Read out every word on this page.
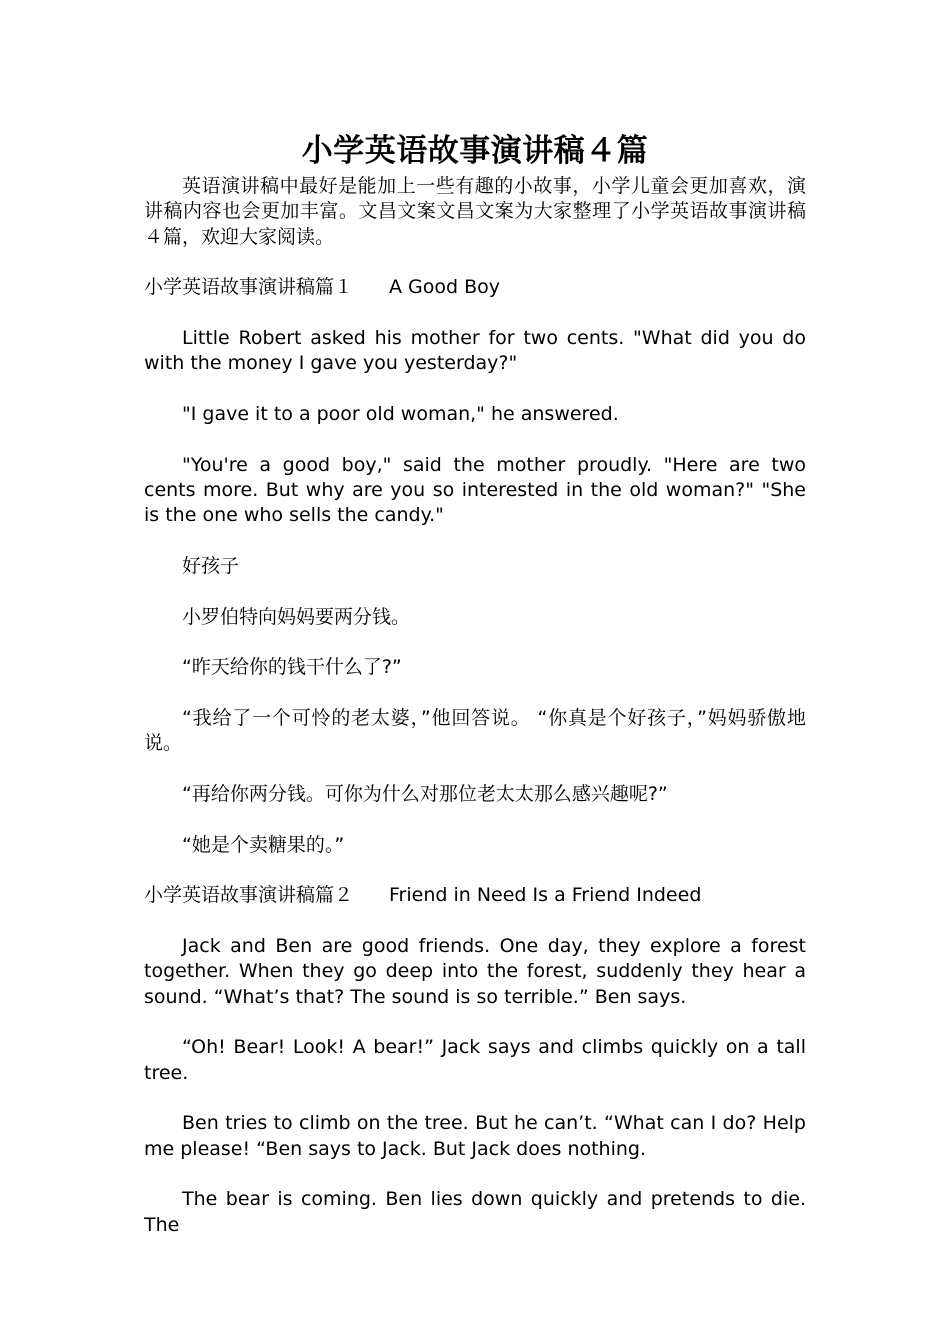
小学英语故事演讲稿４篇

英语演讲稿中最好是能加上一些有趣的小故事，小学儿童会更加喜欢，演讲稿内容也会更加丰富。文昌文案文昌文案为大家整理了小学英语故事演讲稿４篇，欢迎大家阅读。

小学英语故事演讲稿篇１ A Good Boy

Little Robert asked his mother for two cents. "What did you do with the money I gave you yesterday?"

"I gave it to a poor old woman," he answered.

"You're a good boy," said the mother proudly. "Here are two cents more. But why are you so interested in the old woman?" "She is the one who sells the candy."

好孩子

小罗伯特向妈妈要两分钱。

“昨天给你的钱干什么了?”

“我给了一个可怜的老太婆，”他回答说。 “你真是个好孩子，”妈妈骄傲地说。

“再给你两分钱。可你为什么对那位老太太那么感兴趣呢?”

“她是个卖糖果的。”

小学英语故事演讲稿篇２ Friend in Need Is a Friend Indeed

Jack and Ben are good friends. One day, they explore a forest together. When they go deep into the forest, suddenly they hear a sound. “What’s that? The sound is so terrible.” Ben says.

“Oh! Bear! Look! A bear!” Jack says and climbs quickly on a tall tree.

Ben tries to climb on the tree. But he can’t. “What can I do? Help me please! “Ben says to Jack. But Jack does nothing.

The bear is coming. Ben lies down quickly and pretends to die. The
